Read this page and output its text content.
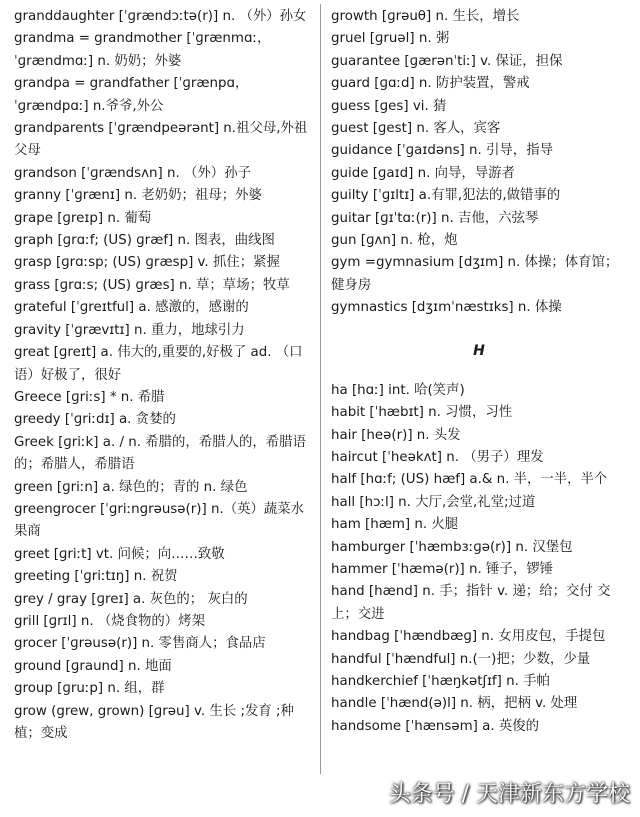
granddaughter [ˈɡrændɔːtə(r)] n. （外）孙女

grandma = grandmother [ˈɡrænmɑː，ˈɡrændmɑː] n. 奶奶；外婆

grandpa = grandfather [ˈɡrænpɑ，ˈɡrændpɑː] n.爷爷,外公

grandparents [ˈɡrændpeərənt] n.祖父母,外祖父母

grandson [ˈɡrændsʌn] n. （外）孙子

granny [ˈɡrænɪ] n. 老奶奶；祖母；外婆

grape [ɡreɪp] n. 葡萄

graph [ɡrɑːf; (US) ɡræf] n. 图表，曲线图

grasp [ɡrɑːsp; (US) ɡræsp] v. 抓住；紧握

grass [ɡrɑːs; (US) ɡræs] n. 草；草场；牧草

grateful [ˈɡreɪtful] a. 感激的，感谢的

gravity [ˈɡrævɪtɪ] n. 重力，地球引力

great [ɡreɪt] a. 伟大的,重要的,好极了 ad. （口语）好极了，很好

Greece [ɡriːs] * n. 希腊

greedy [ˈɡriːdɪ] a. 贪婪的

Greek [ɡriːk] a. / n. 希腊的，希腊人的，希腊语的；希腊人，希腊语

green [ɡriːn] a. 绿色的；青的 n. 绿色

greengrocer [ˈɡriːnɡrəusə(r)] n.（英）蔬菜水果商

greet [ɡriːt] vt. 问候；向……致敬

greeting [ˈɡriːtɪŋ] n. 祝贺

grey / gray [ɡreɪ] a. 灰色的； 灰白的

grill [ɡrɪl] n. （烧食物的）烤架

grocer [ˈɡrəusə(r)] n. 零售商人；食品店

ground [ɡraund] n. 地面

group [ɡruːp] n. 组，群

grow (grew, grown) [ɡrəu] v. 生长 ;发育 ;种植；变成

growth [ɡrəuθ] n. 生长，增长

gruel [ɡruəl] n. 粥

guarantee [ɡærənˈtiː] v. 保证，担保

guard [ɡɑːd] n. 防护装置，警戒

guess [ɡes] vi. 猜

guest [ɡest] n. 客人，宾客

guidance [ˈɡaɪdəns] n. 引导，指导

guide [ɡaɪd] n. 向导，导游者

guilty [ˈɡɪltɪ] a.有罪,犯法的,做错事的

guitar [ɡɪˈtɑː(r)] n. 吉他，六弦琴

gun [ɡʌn] n. 枪，炮

gym =gymnasium [dʒɪm] n. 体操；体育馆；健身房

gymnastics [dʒɪmˈnæstɪks] n. 体操

H

ha [hɑː] int. 哈(笑声)

habit [ˈhæbɪt] n. 习惯，习性

hair [heə(r)] n. 头发

haircut [ˈheəkʌt] n. （男子）理发

half [hɑːf; (US) hæf] a.& n. 半，一半，半个

hall [hɔːl] n. 大厅,会堂,礼堂;过道

ham [hæm] n. 火腿

hamburger [ˈhæmbɜːɡə(r)] n. 汉堡包

hammer [ˈhæmə(r)] n. 锤子，锣锤

hand [hænd] n. 手；指针 v. 递；给；交付 交上；交进

handbag [ˈhændbæɡ] n. 女用皮包，手提包

handful [ˈhændful] n.(一)把；少数，少量

handkerchief [ˈhæŋkətʃɪf] n. 手帕

handle [ˈhænd(ə)l] n. 柄，把柄 v. 处理

handsome [ˈhænsəm] a. 英俊的

头条号 / 天津新东方学校
